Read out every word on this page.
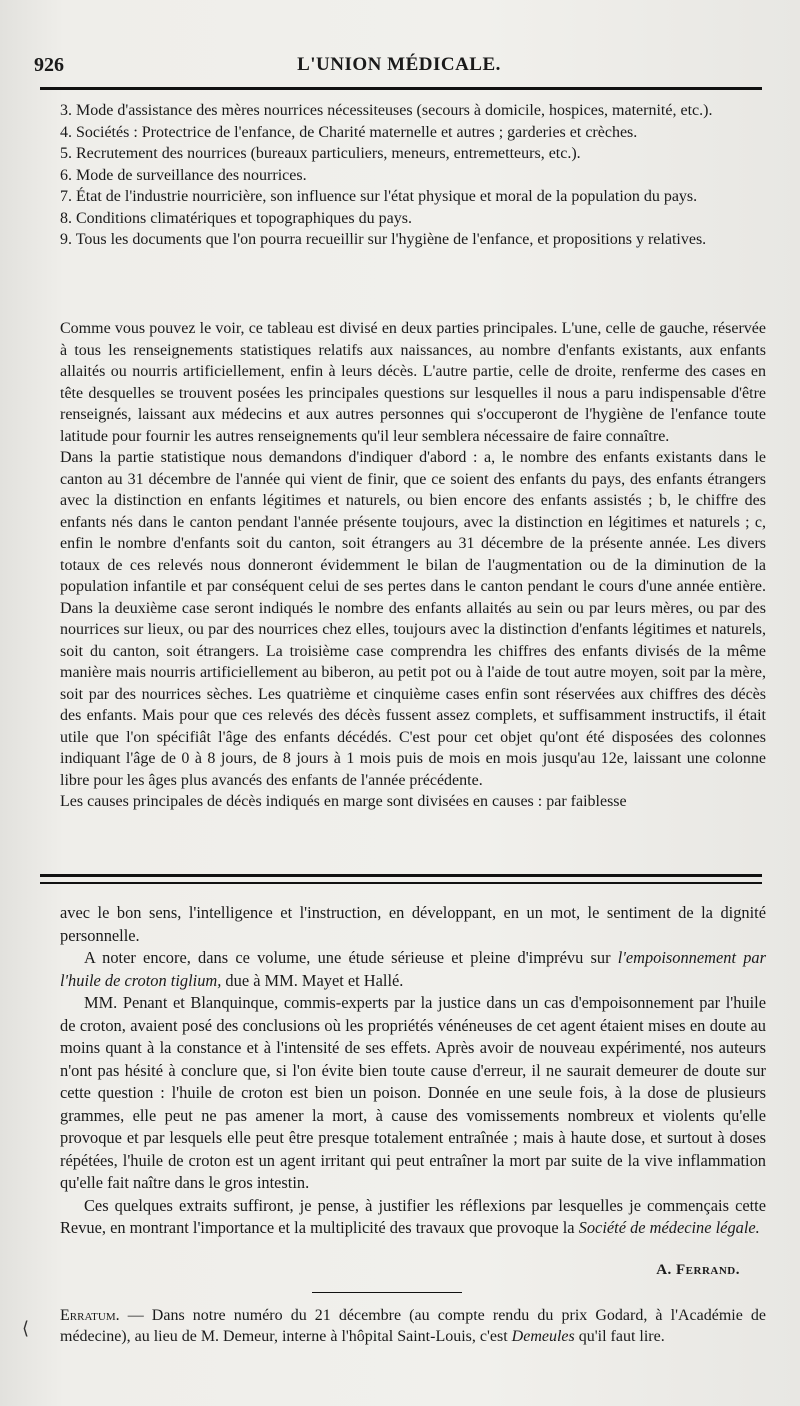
926	L'UNION MÉDICALE.

3. Mode d'assistance des mères nourrices nécessiteuses (secours à domicile, hospices, maternité, etc.).

4. Sociétés : Protectrice de l'enfance, de Charité maternelle et autres ; garderies et crèches.

5. Recrutement des nourrices (bureaux particuliers, meneurs, entremetteurs, etc.).

6. Mode de surveillance des nourrices.

7. État de l'industrie nourricière, son influence sur l'état physique et moral de la population du pays.

8. Conditions climatériques et topographiques du pays.

9. Tous les documents que l'on pourra recueillir sur l'hygiène de l'enfance, et propositions y relatives.

Comme vous pouvez le voir, ce tableau est divisé en deux parties principales. L'une, celle de gauche, réservée à tous les renseignements statistiques relatifs aux naissances, au nombre d'enfants existants, aux enfants allaités ou nourris artificiellement, enfin à leurs décès. L'autre partie, celle de droite, renferme des cases en tête desquelles se trouvent posées les principales questions sur lesquelles il nous a paru indispensable d'être renseignés, laissant aux médecins et aux autres personnes qui s'occuperont de l'hygiène de l'enfance toute latitude pour fournir les autres renseignements qu'il leur semblera nécessaire de faire connaître.

Dans la partie statistique nous demandons d'indiquer d'abord : a, le nombre des enfants existants dans le canton au 31 décembre de l'année qui vient de finir, que ce soient des enfants du pays, des enfants étrangers avec la distinction en enfants légitimes et naturels, ou bien encore des enfants assistés ; b, le chiffre des enfants nés dans le canton pendant l'année présente toujours, avec la distinction en légitimes et naturels ; c, enfin le nombre d'enfants soit du canton, soit étrangers au 31 décembre de la présente année. Les divers totaux de ces relevés nous donneront évidemment le bilan de l'augmentation ou de la diminution de la population infantile et par conséquent celui de ses pertes dans le canton pendant le cours d'une année entière. Dans la deuxième case seront indiqués le nombre des enfants allaités au sein ou par leurs mères, ou par des nourrices sur lieux, ou par des nourrices chez elles, toujours avec la distinction d'enfants légitimes et naturels, soit du canton, soit étrangers. La troisième case comprendra les chiffres des enfants divisés de la même manière mais nourris artificiellement au biberon, au petit pot ou à l'aide de tout autre moyen, soit par la mère, soit par des nourrices sèches. Les quatrième et cinquième cases enfin sont réservées aux chiffres des décès des enfants. Mais pour que ces relevés des décès fussent assez complets, et suffisamment instructifs, il était utile que l'on spécifiât l'âge des enfants décédés. C'est pour cet objet qu'ont été disposées des colonnes indiquant l'âge de 0 à 8 jours, de 8 jours à 1 mois puis de mois en mois jusqu'au 12e, laissant une colonne libre pour les âges plus avancés des enfants de l'année précédente.

Les causes principales de décès indiqués en marge sont divisées en causes : par faiblesse

avec le bon sens, l'intelligence et l'instruction, en développant, en un mot, le sentiment de la dignité personnelle.

A noter encore, dans ce volume, une étude sérieuse et pleine d'imprévu sur l'empoisonnement par l'huile de croton tiglium, due à MM. Mayet et Hallé.

MM. Penant et Blanquinque, commis-experts par la justice dans un cas d'empoisonnement par l'huile de croton, avaient posé des conclusions où les propriétés vénéneuses de cet agent étaient mises en doute au moins quant à la constance et à l'intensité de ses effets. Après avoir de nouveau expérimenté, nos auteurs n'ont pas hésité à conclure que, si l'on évite bien toute cause d'erreur, il ne saurait demeurer de doute sur cette question : l'huile de croton est bien un poison. Donnée en une seule fois, à la dose de plusieurs grammes, elle peut ne pas amener la mort, à cause des vomissements nombreux et violents qu'elle provoque et par lesquels elle peut être presque totalement entraînée ; mais à haute dose, et surtout à doses répétées, l'huile de croton est un agent irritant qui peut entraîner la mort par suite de la vive inflammation qu'elle fait naître dans le gros intestin.

Ces quelques extraits suffiront, je pense, à justifier les réflexions par lesquelles je commençais cette Revue, en montrant l'importance et la multiplicité des travaux que provoque la Société de médecine légale.

A. Ferrand.
Erratum. — Dans notre numéro du 21 décembre (au compte rendu du prix Godard, à l'Académie de médecine), au lieu de M. Demeur, interne à l'hôpital Saint-Louis, c'est Demeules qu'il faut lire.
⟨
